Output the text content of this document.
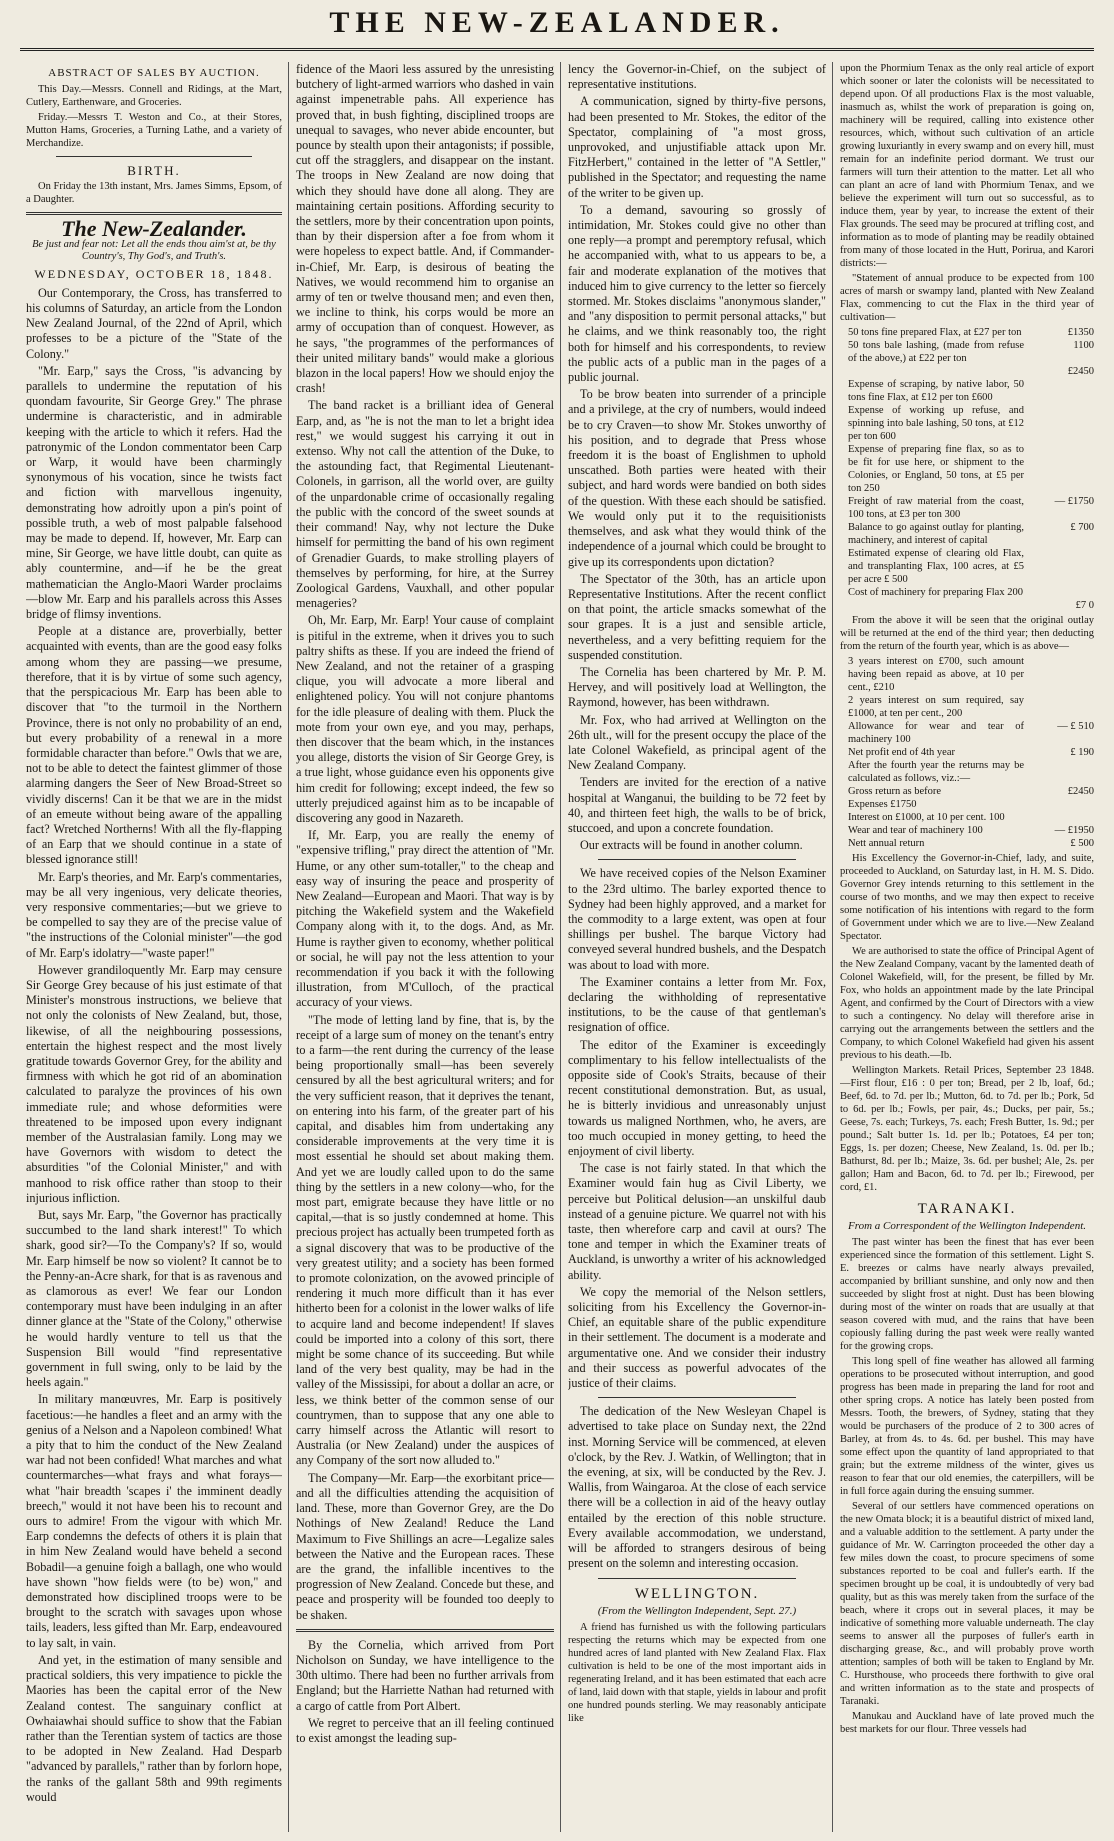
THE NEW-ZEALANDER.
ABSTRACT OF SALES BY AUCTION.

This Day.—Messrs. Connell and Ridings, at the Mart, Cutlery, Earthenware, and Groceries.

Friday.—Messrs T. Weston and Co., at their Stores, Mutton Hams, Groceries, a Turning Lathe, and a variety of Merchandize.

BIRTH.

On Friday the 13th instant, Mrs. James Simms, Epsom, of a Daughter.

The New-Zealander.
Be just and fear not: Let all the ends thou aim'st at, be thy Country's, Thy God's, and Truth's.
WEDNESDAY, OCTOBER 18, 1848.

Our Contemporary, the Cross, has transferred to his columns of Saturday, an article from the London New Zealand Journal, of the 22nd of April, which professes to be a picture of the "State of the Colony."

"Mr. Earp," says the Cross, "is advancing by parallels to undermine the reputation of his quondam favourite, Sir George Grey." The phrase undermine is characteristic, and in admirable keeping with the article to which it refers. Had the patronymic of the London commentator been Carp or Warp, it would have been charmingly synonymous of his vocation, since he twists fact and fiction with marvellous ingenuity, demonstrating how adroitly upon a pin's point of possible truth, a web of most palpable falsehood may be made to depend. If, however, Mr. Earp can mine, Sir George, we have little doubt, can quite as ably countermine, and—if he be the great mathematician the Anglo-Maori Warder proclaims—blow Mr. Earp and his parallels across this Asses bridge of flimsy inventions.

People at a distance are, proverbially, better acquainted with events, than are the good easy folks among whom they are passing—we presume, therefore, that it is by virtue of some such agency, that the perspicacious Mr. Earp has been able to discover that "to the turmoil in the Northern Province, there is not only no probability of an end, but every probability of a renewal in a more formidable character than before." Owls that we are, not to be able to detect the faintest glimmer of those alarming dangers the Seer of New Broad-Street so vividly discerns! Can it be that we are in the midst of an emeute without being aware of the appalling fact? Wretched Northerns! With all the fly-flapping of an Earp that we should continue in a state of blessed ignorance still!

Mr. Earp's theories, and Mr. Earp's commentaries, may be all very ingenious, very delicate theories, very responsive commentaries;—but we grieve to be compelled to say they are of the precise value of "the instructions of the Colonial minister"—the god of Mr. Earp's idolatry—"waste paper!"

However grandiloquently Mr. Earp may censure Sir George Grey because of his just estimate of that Minister's monstrous instructions, we believe that not only the colonists of New Zealand, but, those, likewise, of all the neighbouring possessions, entertain the highest respect and the most lively gratitude towards Governor Grey, for the ability and firmness with which he got rid of an abomination calculated to paralyze the provinces of his own immediate rule; and whose deformities were threatened to be imposed upon every indignant member of the Australasian family. Long may we have Governors with wisdom to detect the absurdities "of the Colonial Minister," and with manhood to risk office rather than stoop to their injurious infliction.

But, says Mr. Earp, "the Governor has practically succumbed to the land shark interest!" To which shark, good sir?—To the Company's? If so, would Mr. Earp himself be now so violent? It cannot be to the Penny-an-Acre shark, for that is as ravenous and as clamorous as ever! We fear our London contemporary must have been indulging in an after dinner glance at the "State of the Colony," otherwise he would hardly venture to tell us that the Suspension Bill would "find representative government in full swing, only to be laid by the heels again."

In military manœuvres, Mr. Earp is positively facetious:—he handles a fleet and an army with the genius of a Nelson and a Napoleon combined! What a pity that to him the conduct of the New Zealand war had not been confided! What marches and what countermarches—what frays and what forays—what "hair breadth 'scapes i' the imminent deadly breech," would it not have been his to recount and ours to admire! From the vigour with which Mr. Earp condemns the defects of others it is plain that in him New Zealand would have beheld a second Bobadil—a genuine foigh a ballagh, one who would have shown "how fields were (to be) won," and demonstrated how disciplined troops were to be brought to the scratch with savages upon whose tails, leaders, less gifted than Mr. Earp, endeavoured to lay salt, in vain.

And yet, in the estimation of many sensible and practical soldiers, this very impatience to pickle the Maories has been the capital error of the New Zealand contest. The sanguinary conflict at Owhaiawhai should suffice to show that the Fabian rather than the Terentian system of tactics are those to be adopted in New Zealand. Had Desparb "advanced by parallels," rather than by forlorn hope, the ranks of the gallant 58th and 99th regiments would

fidence of the Maori less assured by the unresisting butchery of light-armed warriors who dashed in vain against impenetrable pahs. All experience has proved that, in bush fighting, disciplined troops are unequal to savages, who never abide encounter, but pounce by stealth upon their antagonists; if possible, cut off the stragglers, and disappear on the instant. The troops in New Zealand are now doing that which they should have done all along. They are maintaining certain positions. Affording security to the settlers, more by their concentration upon points, than by their dispersion after a foe from whom it were hopeless to expect battle. And, if Commander-in-Chief, Mr. Earp, is desirous of beating the Natives, we would recommend him to organise an army of ten or twelve thousand men; and even then, we incline to think, his corps would be more an army of occupation than of conquest. However, as he says, "the programmes of the performances of their united military bands" would make a glorious blazon in the local papers! How we should enjoy the crash!

The band racket is a brilliant idea of General Earp, and, as "he is not the man to let a bright idea rest," we would suggest his carrying it out in extenso. Why not call the attention of the Duke, to the astounding fact, that Regimental Lieutenant-Colonels, in garrison, all the world over, are guilty of the unpardonable crime of occasionally regaling the public with the concord of the sweet sounds at their command! Nay, why not lecture the Duke himself for permitting the band of his own regiment of Grenadier Guards, to make strolling players of themselves by performing, for hire, at the Surrey Zoological Gardens, Vauxhall, and other popular menageries?

Oh, Mr. Earp, Mr. Earp! Your cause of complaint is pitiful in the extreme, when it drives you to such paltry shifts as these. If you are indeed the friend of New Zealand, and not the retainer of a grasping clique, you will advocate a more liberal and enlightened policy. You will not conjure phantoms for the idle pleasure of dealing with them. Pluck the mote from your own eye, and you may, perhaps, then discover that the beam which, in the instances you allege, distorts the vision of Sir George Grey, is a true light, whose guidance even his opponents give him credit for following; except indeed, the few so utterly prejudiced against him as to be incapable of discovering any good in Nazareth.

If, Mr. Earp, you are really the enemy of "expensive trifling," pray direct the attention of "Mr. Hume, or any other sum-totaller," to the cheap and easy way of insuring the peace and prosperity of New Zealand—European and Maori. That way is by pitching the Wakefield system and the Wakefield Company along with it, to the dogs. And, as Mr. Hume is rayther given to economy, whether political or social, he will pay not the less attention to your recommendation if you back it with the following illustration, from M'Culloch, of the practical accuracy of your views.

"The mode of letting land by fine, that is, by the receipt of a large sum of money on the tenant's entry to a farm—the rent during the currency of the lease being proportionally small—has been severely censured by all the best agricultural writers; and for the very sufficient reason, that it deprives the tenant, on entering into his farm, of the greater part of his capital, and disables him from undertaking any considerable improvements at the very time it is most essential he should set about making them. And yet we are loudly called upon to do the same thing by the settlers in a new colony—who, for the most part, emigrate because they have little or no capital,—that is so justly condemned at home. This precious project has actually been trumpeted forth as a signal discovery that was to be productive of the very greatest utility; and a society has been formed to promote colonization, on the avowed principle of rendering it much more difficult than it has ever hitherto been for a colonist in the lower walks of life to acquire land and become independent! If slaves could be imported into a colony of this sort, there might be some chance of its succeeding. But while land of the very best quality, may be had in the valley of the Mississipi, for about a dollar an acre, or less, we think better of the common sense of our countrymen, than to suppose that any one able to carry himself across the Atlantic will resort to Australia (or New Zealand) under the auspices of any Company of the sort now alluded to."

The Company—Mr. Earp—the exorbitant price—and all the difficulties attending the acquisition of land. These, more than Governor Grey, are the Do Nothings of New Zealand! Reduce the Land Maximum to Five Shillings an acre—Legalize sales between the Native and the European races. These are the grand, the infallible incentives to the progression of New Zealand. Concede but these, and peace and prosperity will be founded too deeply to be shaken.

By the Cornelia, which arrived from Port Nicholson on Sunday, we have intelligence to the 30th ultimo. There had been no further arrivals from England; but the Harriette Nathan had returned with a cargo of cattle from Port Albert.

We regret to perceive that an ill feeling continued to exist amongst the leading sup-

lency the Governor-in-Chief, on the subject of representative institutions.

A communication, signed by thirty-five persons, had been presented to Mr. Stokes, the editor of the Spectator, complaining of "a most gross, unprovoked, and unjustifiable attack upon Mr. FitzHerbert," contained in the letter of "A Settler," published in the Spectator; and requesting the name of the writer to be given up.

To a demand, savouring so grossly of intimidation, Mr. Stokes could give no other than one reply—a prompt and peremptory refusal, which he accompanied with, what to us appears to be, a fair and moderate explanation of the motives that induced him to give currency to the letter so fiercely stormed. Mr. Stokes disclaims "anonymous slander," and "any disposition to permit personal attacks," but he claims, and we think reasonably too, the right both for himself and his correspondents, to review the public acts of a public man in the pages of a public journal.

To be brow beaten into surrender of a principle and a privilege, at the cry of numbers, would indeed be to cry Craven—to show Mr. Stokes unworthy of his position, and to degrade that Press whose freedom it is the boast of Englishmen to uphold unscathed. Both parties were heated with their subject, and hard words were bandied on both sides of the question. With these each should be satisfied. We would only put it to the requisitionists themselves, and ask what they would think of the independence of a journal which could be brought to give up its correspondents upon dictation?

The Spectator of the 30th, has an article upon Representative Institutions. After the recent conflict on that point, the article smacks somewhat of the sour grapes. It is a just and sensible article, nevertheless, and a very befitting requiem for the suspended constitution.

The Cornelia has been chartered by Mr. P. M. Hervey, and will positively load at Wellington, the Raymond, however, has been withdrawn.

Mr. Fox, who had arrived at Wellington on the 26th ult., will for the present occupy the place of the late Colonel Wakefield, as principal agent of the New Zealand Company.

Tenders are invited for the erection of a native hospital at Wanganui, the building to be 72 feet by 40, and thirteen feet high, the walls to be of brick, stuccoed, and upon a concrete foundation.

Our extracts will be found in another column.

We have received copies of the Nelson Examiner to the 23rd ultimo. The barley exported thence to Sydney had been highly approved, and a market for the commodity to a large extent, was open at four shillings per bushel. The barque Victory had conveyed several hundred bushels, and the Despatch was about to load with more.

The Examiner contains a letter from Mr. Fox, declaring the withholding of representative institutions, to be the cause of that gentleman's resignation of office.

The editor of the Examiner is exceedingly complimentary to his fellow intellectualists of the opposite side of Cook's Straits, because of their recent constitutional demonstration. But, as usual, he is bitterly invidious and unreasonably unjust towards us maligned Northmen, who, he avers, are too much occupied in money getting, to heed the enjoyment of civil liberty.

The case is not fairly stated. In that which the Examiner would fain hug as Civil Liberty, we perceive but Political delusion—an unskilful daub instead of a genuine picture. We quarrel not with his taste, then wherefore carp and cavil at ours? The tone and temper in which the Examiner treats of Auckland, is unworthy a writer of his acknowledged ability.

We copy the memorial of the Nelson settlers, soliciting from his Excellency the Governor-in-Chief, an equitable share of the public expenditure in their settlement. The document is a moderate and argumentative one. And we consider their industry and their success as powerful advocates of the justice of their claims.

The dedication of the New Wesleyan Chapel is advertised to take place on Sunday next, the 22nd inst. Morning Service will be commenced, at eleven o'clock, by the Rev. J. Watkin, of Wellington; that in the evening, at six, will be conducted by the Rev. J. Wallis, from Waingaroa. At the close of each service there will be a collection in aid of the heavy outlay entailed by the erection of this noble structure. Every available accommodation, we understand, will be afforded to strangers desirous of being present on the solemn and interesting occasion.

WELLINGTON.

(From the Wellington Independent, Sept. 27.)

A friend has furnished us with the following particulars respecting the returns which may be expected from one hundred acres of land planted with New Zealand Flax. Flax cultivation is held to be one of the most important aids in regenerating Ireland, and it has been estimated that each acre of land, laid down with that staple, yields in labour and profit one hundred pounds sterling. We may reasonably anticipate like

upon the Phormium Tenax as the only real article of export which sooner or later the colonists will be necessitated to depend upon. Of all productions Flax is the most valuable, inasmuch as, whilst the work of preparation is going on, machinery will be required, calling into existence other resources, which, without such cultivation of an article growing luxuriantly in every swamp and on every hill, must remain for an indefinite period dormant. We trust our farmers will turn their attention to the matter. Let all who can plant an acre of land with Phormium Tenax, and we believe the experiment will turn out so successful, as to induce them, year by year, to increase the extent of their Flax grounds. The seed may be procured at trifling cost, and information as to mode of planting may be readily obtained from many of those located in the Hutt, Porirua, and Karori districts:—

"Statement of annual produce to be expected from 100 acres of marsh or swampy land, planted with New Zealand Flax, commencing to cut the Flax in the third year of cultivation—

50 tons fine prepared Flax, at £27 per ton	£1350
50 tons bale lashing, (made from refuse of the above,) at £22 per ton
1100
£2450
Expense of scraping, by native labor, 50 tons fine Flax, at £12 per ton £600
Expense of working up refuse, and spinning into bale lashing, 50 tons, at £12 per ton 600
Expense of preparing fine flax, so as to be fit for use here, or shipment to the Colonies, or England, 50 tons, at £5 per ton 250
Freight of raw material from the coast, 100 tons, at £3 per ton 300
— £1750
Balance to go against outlay for planting, machinery, and interest of capital
£ 700
Estimated expense of clearing old Flax, and transplanting Flax, 100 acres, at £5 per acre £ 500
Cost of machinery for preparing Flax 200
£7 0

From the above it will be seen that the original outlay will be returned at the end of the third year; then deducting from the return of the fourth year, which is as above—

3 years interest on £700, such amount having been repaid as above, at 10 per cent., £210
2 years interest on sum required, say £1000, at ten per cent., 200
Allowance for wear and tear of machinery 100
— £ 510
Net profit end of 4th year	£ 190
After the fourth year the returns may be calculated as follows, viz.:—
Gross return as before	£2450
Expenses £1750
Interest on £1000, at 10 per cent. 100
Wear and tear of machinery 100	— £1950
Nett annual return	£ 500

His Excellency the Governor-in-Chief, lady, and suite, proceeded to Auckland, on Saturday last, in H. M. S. Dido. Governor Grey intends returning to this settlement in the course of two months, and we may then expect to receive some notification of his intentions with regard to the form of Government under which we are to live.—New Zealand Spectator.

We are authorised to state the office of Principal Agent of the New Zealand Company, vacant by the lamented death of Colonel Wakefield, will, for the present, be filled by Mr. Fox, who holds an appointment made by the late Principal Agent, and confirmed by the Court of Directors with a view to such a contingency. No delay will therefore arise in carrying out the arrangements between the settlers and the Company, to which Colonel Wakefield had given his assent previous to his death.—Ib.

Wellington Markets. Retail Prices, September 23 1848.—First flour, £16 : 0 per ton; Bread, per 2 lb, loaf, 6d.; Beef, 6d. to 7d. per lb.; Mutton, 6d. to 7d. per lb.; Pork, 5d to 6d. per lb.; Fowls, per pair, 4s.; Ducks, per pair, 5s.; Geese, 7s. each; Turkeys, 7s. each; Fresh Butter, 1s. 9d.; per pound.; Salt butter 1s. 1d. per lb.; Potatoes, £4 per ton; Eggs, 1s. per dozen; Cheese, New Zealand, 1s. 0d. per lb.; Bathurst, 8d. per lb.; Maize, 3s. 6d. per bushel; Ale, 2s. per gallon; Ham and Bacon, 6d. to 7d. per lb.; Firewood, per cord, £1.

TARANAKI.

From a Correspondent of the Wellington Independent.

The past winter has been the finest that has ever been experienced since the formation of this settlement. Light S. E. breezes or calms have nearly always prevailed, accompanied by brilliant sunshine, and only now and then succeeded by slight frost at night. Dust has been blowing during most of the winter on roads that are usually at that season covered with mud, and the rains that have been copiously falling during the past week were really wanted for the growing crops.

This long spell of fine weather has allowed all farming operations to be prosecuted without interruption, and good progress has been made in preparing the land for root and other spring crops. A notice has lately been posted from Messrs. Tooth, the brewers, of Sydney, stating that they would be purchasers of the produce of 2 to 300 acres of Barley, at from 4s. to 4s. 6d. per bushel. This may have some effect upon the quantity of land appropriated to that grain; but the extreme mildness of the winter, gives us reason to fear that our old enemies, the caterpillers, will be in full force again during the ensuing summer.

Several of our settlers have commenced operations on the new Omata block; it is a beautiful district of mixed land, and a valuable addition to the settlement. A party under the guidance of Mr. W. Carrington proceeded the other day a few miles down the coast, to procure specimens of some substances reported to be coal and fuller's earth. If the specimen brought up be coal, it is undoubtedly of very bad quality, but as this was merely taken from the surface of the beach, where it crops out in several places, it may be indicative of something more valuable underneath. The clay seems to answer all the purposes of fuller's earth in discharging grease, &c., and will probably prove worth attention; samples of both will be taken to England by Mr. C. Hursthouse, who proceeds there forthwith to give oral and written information as to the state and prospects of Taranaki.

Manukau and Auckland have of late proved much the best markets for our flour. Three vessels had
